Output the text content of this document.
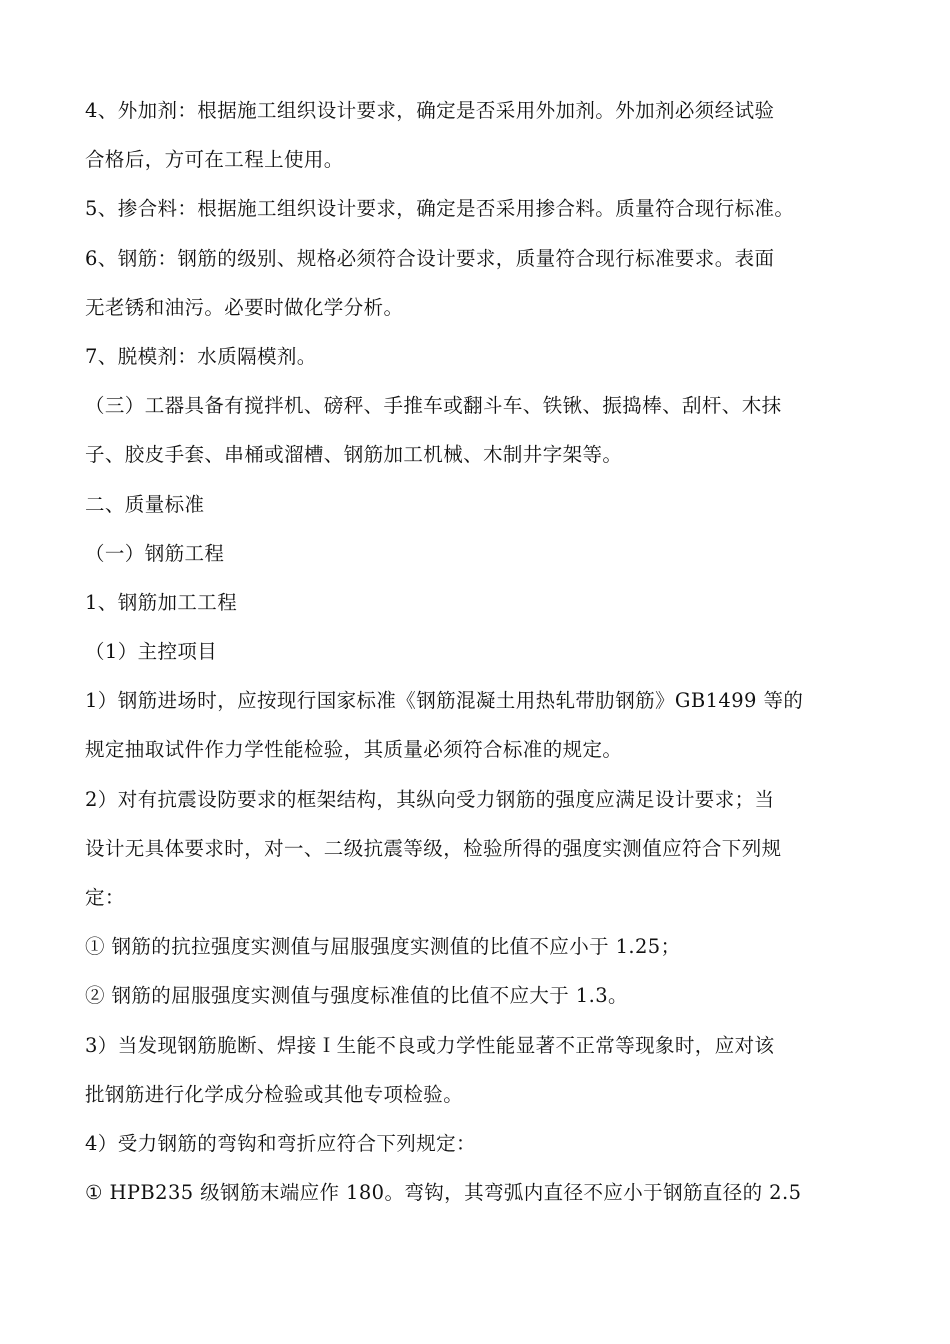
4、外加剂：根据施工组织设计要求，确定是否采用外加剂。外加剂必须经试验
合格后，方可在工程上使用。
5、掺合料：根据施工组织设计要求，确定是否采用掺合料。质量符合现行标准。
6、钢筋：钢筋的级别、规格必须符合设计要求，质量符合现行标准要求。表面
无老锈和油污。必要时做化学分析。
7、脱模剂：水质隔模剂。
（三）工器具备有搅拌机、磅秤、手推车或翻斗车、铁锹、振捣棒、刮杆、木抹
子、胶皮手套、串桶或溜槽、钢筋加工机械、木制井字架等。
二、质量标准
（一）钢筋工程
1、钢筋加工工程
（1）主控项目
1）钢筋进场时，应按现行国家标准《钢筋混凝土用热轧带肋钢筋》GB1499 等的
规定抽取试件作力学性能检验，其质量必须符合标准的规定。
2）对有抗震设防要求的框架结构，其纵向受力钢筋的强度应满足设计要求；当
设计无具体要求时，对一、二级抗震等级，检验所得的强度实测值应符合下列规
定：
① 钢筋的抗拉强度实测值与屈服强度实测值的比值不应小于 1.25；
② 钢筋的屈服强度实测值与强度标准值的比值不应大于 1.3。
3）当发现钢筋脆断、焊接Ｉ生能不良或力学性能显著不正常等现象时，应对该
批钢筋进行化学成分检验或其他专项检验。
4）受力钢筋的弯钩和弯折应符合下列规定：
① HPB235 级钢筋末端应作 180。弯钩，其弯弧内直径不应小于钢筋直径的 2.5
